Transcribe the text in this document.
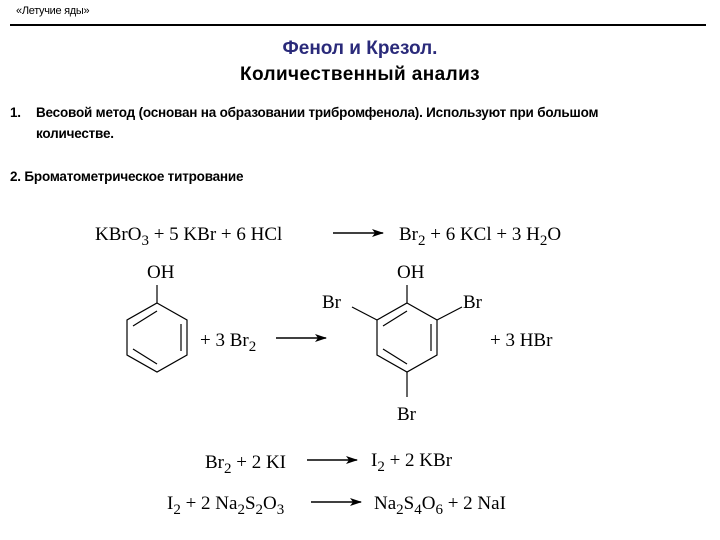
«Летучие яды»
Фенол и Крезол.
Количественный анализ
1. Весовой метод (основан на образовании трибромфенола). Используют при большом количестве.
2. Броматометрическое титрование
KBrO$_3$ + 5 KBr + 6 HCl	$Br_2 + 6$ KCl + 3 $H_2O$
OH
+ 3 $Br_2$
OH
Br	Br
Br
+ 3 HBr
$Br_2 + 2$ KI	$I_2 + 2$ KBr
$I_2 + 2$ $Na_2S_2O_3$	$Na_2S_4O_6 + 2$ NaI
